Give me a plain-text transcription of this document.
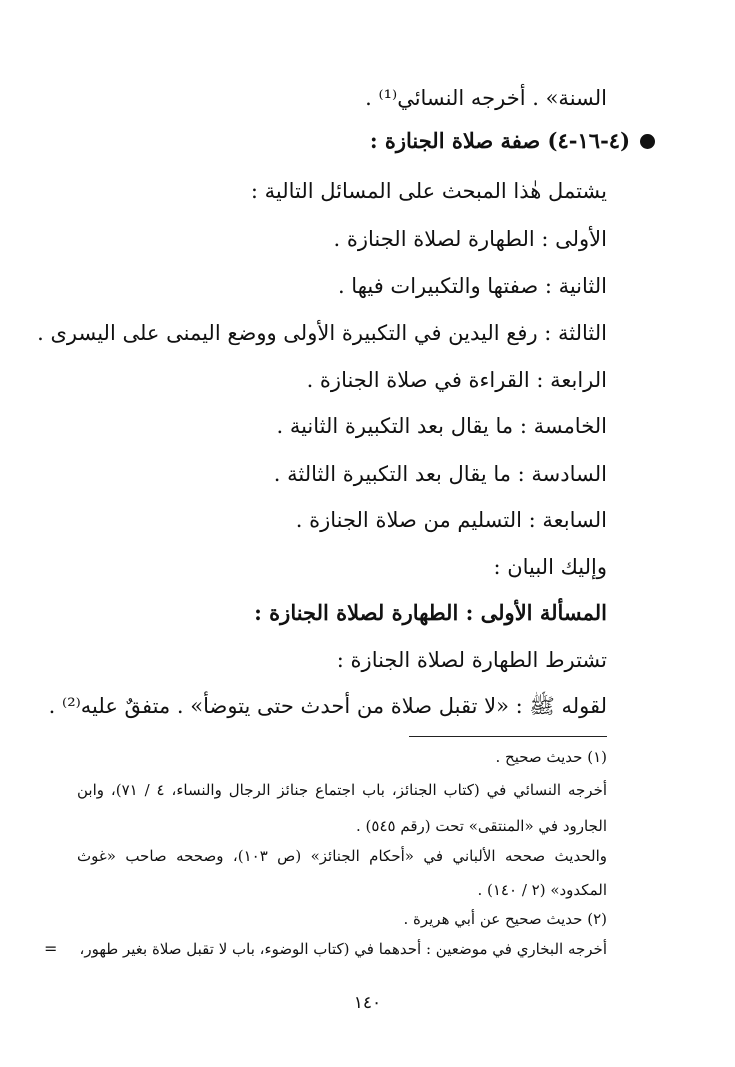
السنة» . أخرجه النسائي⁽¹⁾ .
(٤-١٦-٤) صفة صلاة الجنازة :
يشتمل هٰذا المبحث على المسائل التالية :
الأولى : الطهارة لصلاة الجنازة .
الثانية : صفتها والتكبيرات فيها .
الثالثة : رفع اليدين في التكبيرة الأولى ووضع اليمنى على اليسرى .
الرابعة : القراءة في صلاة الجنازة .
الخامسة : ما يقال بعد التكبيرة الثانية .
السادسة : ما يقال بعد التكبيرة الثالثة .
السابعة : التسليم من صلاة الجنازة .
وإليك البيان :
المسألة الأولى : الطهارة لصلاة الجنازة :
تشترط الطهارة لصلاة الجنازة :
لقوله ﷺ : «لا تقبل صلاة من أحدث حتى يتوضأ» . متفقٌ عليه⁽²⁾ .
(١) حديث صحيح .
أخرجه النسائي في (كتاب الجنائز، باب اجتماع جنائز الرجال والنساء، ٤ / ٧١)، وابن
الجارود في «المنتقى» تحت (رقم ٥٤٥) .
والحديث صححه الألباني في «أحكام الجنائز» (ص ١٠٣)، وصححه صاحب «غوث
المكدود» (٢ / ١٤٠) .
(٢) حديث صحيح عن أبي هريرة .
أخرجه البخاري في موضعين : أحدهما في (كتاب الوضوء، باب لا تقبل صلاة بغير طهور،
=
١٤٠
